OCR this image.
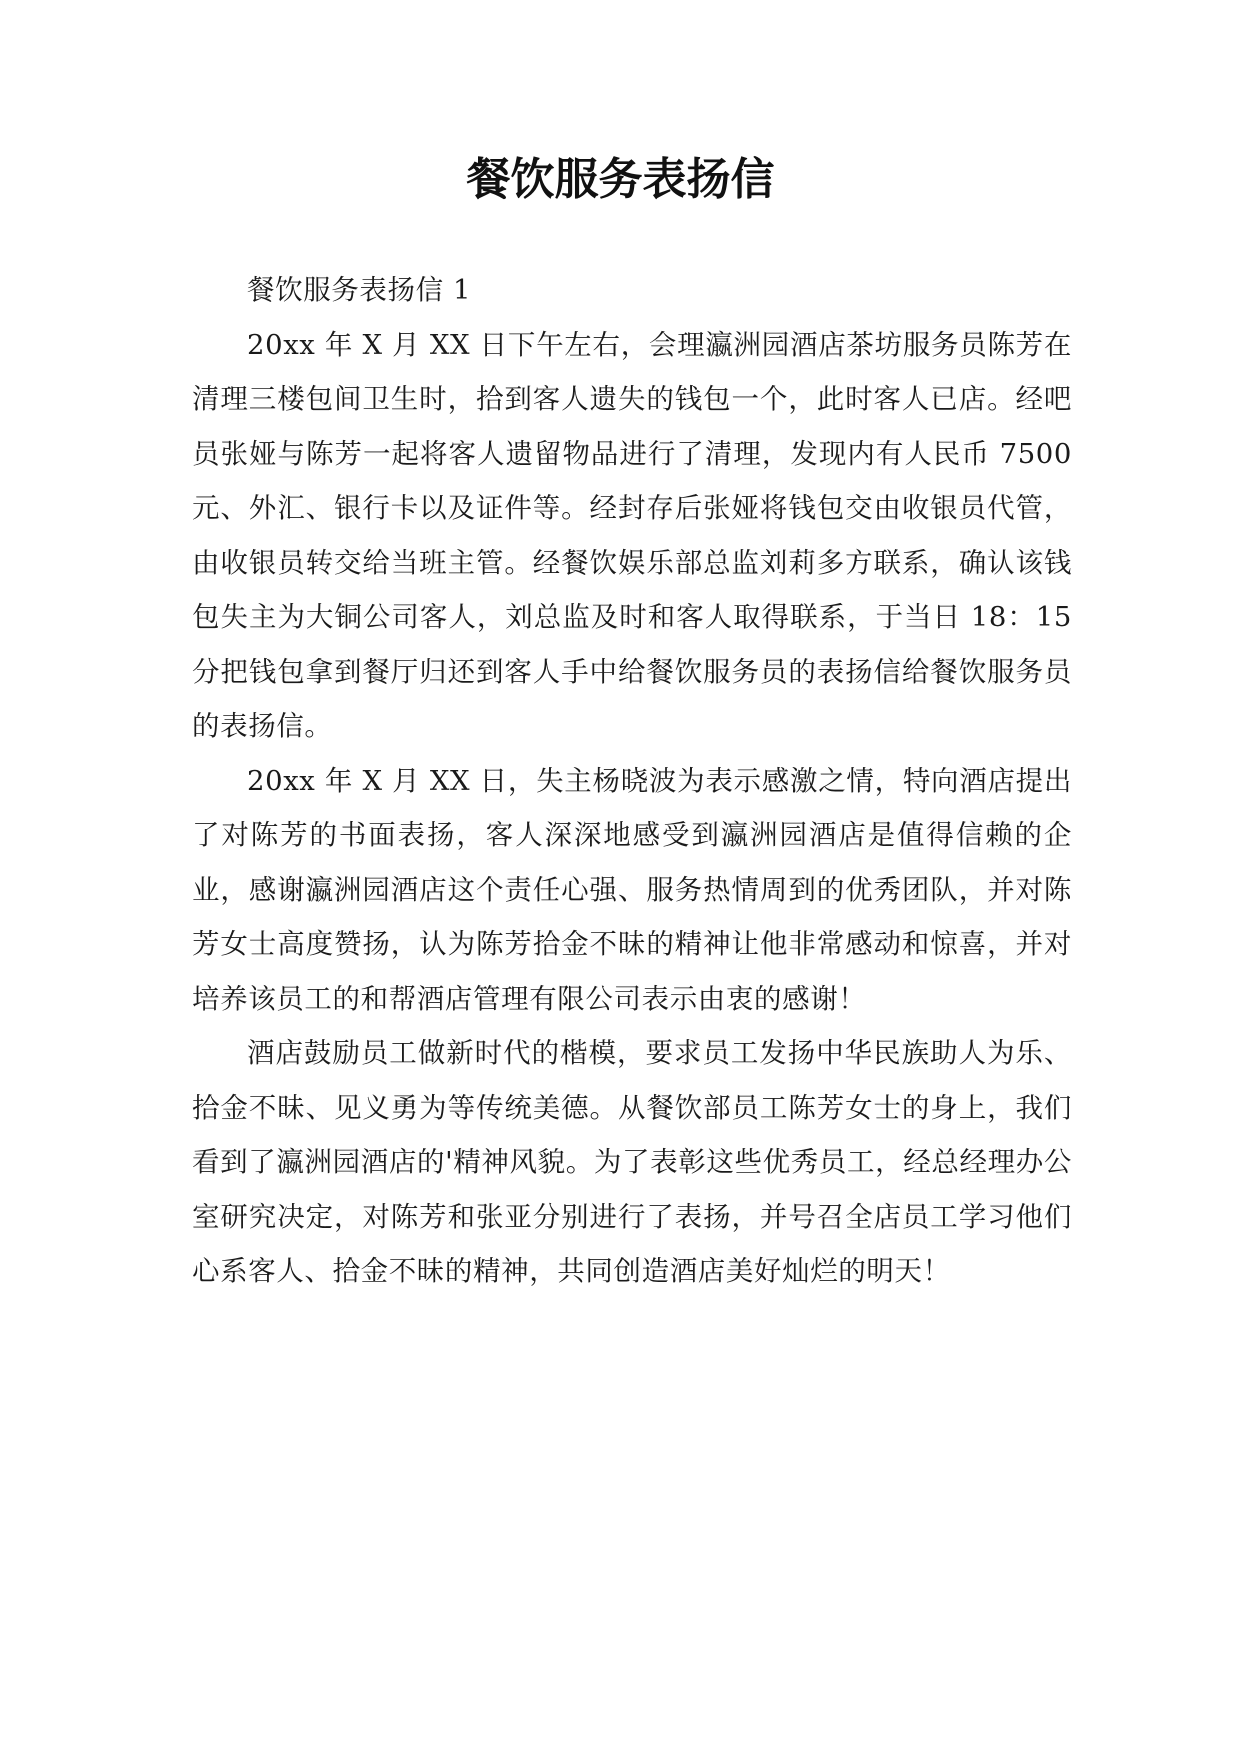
餐饮服务表扬信

餐饮服务表扬信 1

20xx 年 X 月 XX 日下午左右，会理瀛洲园酒店茶坊服务员陈芳在清理三楼包间卫生时，拾到客人遗失的钱包一个，此时客人已店。经吧员张娅与陈芳一起将客人遗留物品进行了清理，发现内有人民币 7500 元、外汇、银行卡以及证件等。经封存后张娅将钱包交由收银员代管，由收银员转交给当班主管。经餐饮娱乐部总监刘莉多方联系，确认该钱包失主为大铜公司客人，刘总监及时和客人取得联系，于当日 18：15 分把钱包拿到餐厅归还到客人手中给餐饮服务员的表扬信给餐饮服务员的表扬信。

20xx 年 X 月 XX 日，失主杨晓波为表示感激之情，特向酒店提出了对陈芳的书面表扬，客人深深地感受到瀛洲园酒店是值得信赖的企业，感谢瀛洲园酒店这个责任心强、服务热情周到的优秀团队，并对陈芳女士高度赞扬，认为陈芳拾金不昧的精神让他非常感动和惊喜，并对培养该员工的和帮酒店管理有限公司表示由衷的感谢！

酒店鼓励员工做新时代的楷模，要求员工发扬中华民族助人为乐、拾金不昧、见义勇为等传统美德。从餐饮部员工陈芳女士的身上，我们看到了瀛洲园酒店的'精神风貌。为了表彰这些优秀员工，经总经理办公室研究决定，对陈芳和张亚分别进行了表扬，并号召全店员工学习他们心系客人、拾金不昧的精神，共同创造酒店美好灿烂的明天！
